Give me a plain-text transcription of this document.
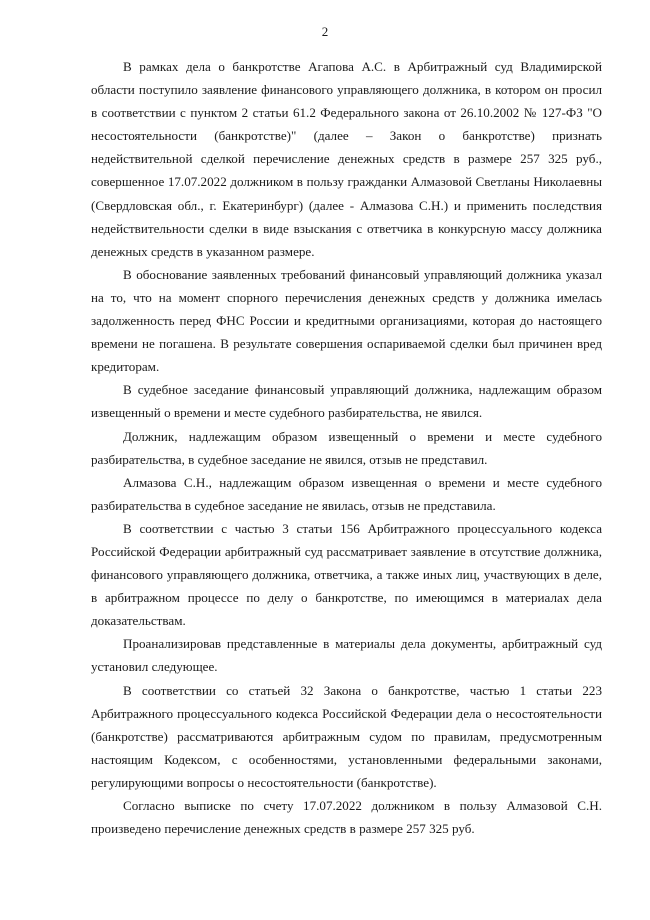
2

В рамках дела о банкротстве Агапова А.С. в Арбитражный суд Владимирской области поступило заявление финансового управляющего должника, в котором он просил в соответствии с пунктом 2 статьи 61.2 Федерального закона от 26.10.2002 № 127-ФЗ "О несостоятельности (банкротстве)" (далее – Закон о банкротстве) признать недействительной сделкой перечисление денежных средств в размере 257 325 руб., совершенное 17.07.2022 должником в пользу гражданки Алмазовой Светланы Николаевны (Свердловская обл., г. Екатеринбург) (далее - Алмазова С.Н.) и применить последствия недействительности сделки в виде взыскания с ответчика в конкурсную массу должника денежных средств в указанном размере.

В обоснование заявленных требований финансовый управляющий должника указал на то, что на момент спорного перечисления денежных средств у должника имелась задолженность перед ФНС России и кредитными организациями, которая до настоящего времени не погашена. В результате совершения оспариваемой сделки был причинен вред кредиторам.

В судебное заседание финансовый управляющий должника, надлежащим образом извещенный о времени и месте судебного разбирательства, не явился.

Должник, надлежащим образом извещенный о времени и месте судебного разбирательства, в судебное заседание не явился, отзыв не представил.

Алмазова С.Н., надлежащим образом извещенная о времени и месте судебного разбирательства в судебное заседание не явилась, отзыв не представила.

В соответствии с частью 3 статьи 156 Арбитражного процессуального кодекса Российской Федерации арбитражный суд рассматривает заявление в отсутствие должника, финансового управляющего должника, ответчика, а также иных лиц, участвующих в деле, в арбитражном процессе по делу о банкротстве, по имеющимся в материалах дела доказательствам.

Проанализировав представленные в материалы дела документы, арбитражный суд установил следующее.

В соответствии со статьей 32 Закона о банкротстве, частью 1 статьи 223 Арбитражного процессуального кодекса Российской Федерации дела о несостоятельности (банкротстве) рассматриваются арбитражным судом по правилам, предусмотренным настоящим Кодексом, с особенностями, установленными федеральными законами, регулирующими вопросы о несостоятельности (банкротстве).

Согласно выписке по счету 17.07.2022 должником в пользу Алмазовой С.Н. произведено перечисление денежных средств в размере 257 325 руб.
